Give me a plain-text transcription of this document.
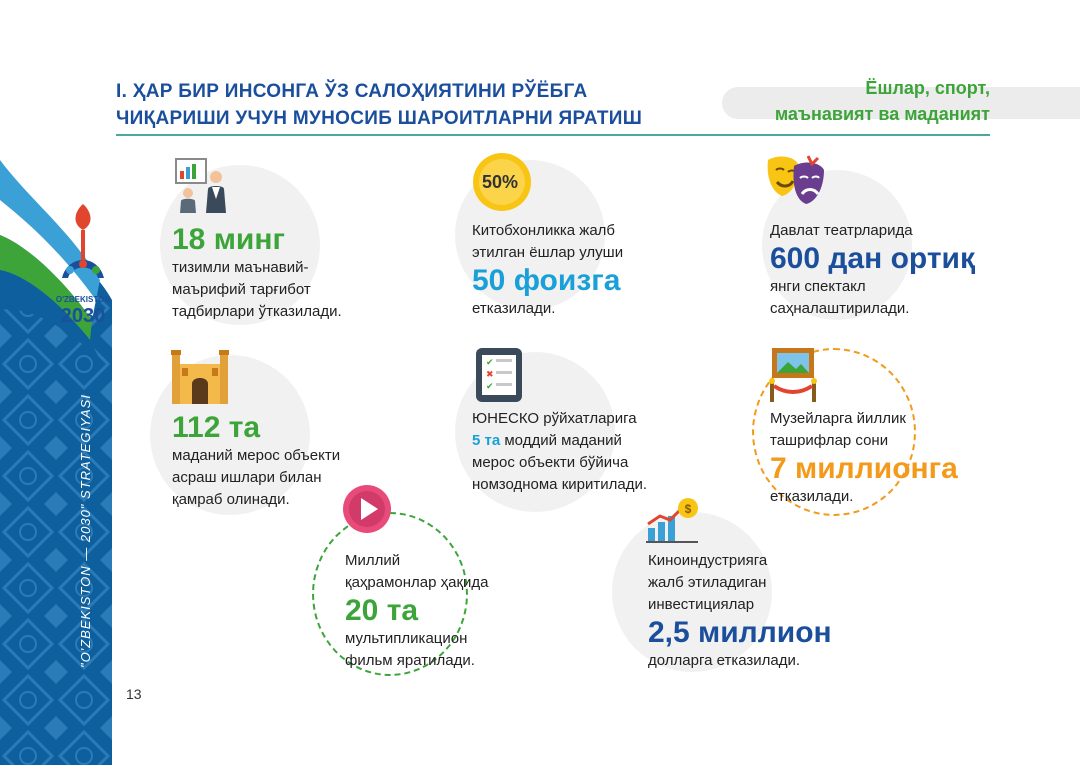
O'ZBEKISTON
2030
"O'ZBEKISTON — 2030" STRATEGIYASI
13
I. ҲАР БИР ИНСОНГА ЎЗ САЛОҲИЯТИНИ РЎЁБГА
ЧИҚАРИШИ УЧУН МУНОСИБ ШАРОИТЛАРНИ ЯРАТИШ
Ёшлар, спорт,
маънавият ва маданият
50%
✔
✖
✔
$
18 минг
тизимли маънавий-
маърифий тарғибот
тадбирлари ўтказилади.
Китобхонликка жалб
этилган ёшлар улуши
50 фоизга
етказилади.
Давлат театрларида
600 дан ортиқ
янги спектакл
саҳналаштирилади.
112 та
маданий мерос объекти
асраш ишлари билан
қамраб олинади.
ЮНЕСКО рўйхатларига
5 та моддий маданий
мерос объекти бўйича
номзоднома киритилади.
Музейларга йиллик
ташрифлар сони
7 миллионга
етказилади.
Миллий
қаҳрамонлар ҳақида
20 та
мультипликацион
фильм яратилади.
Киноиндустрияга
жалб этиладиган
инвестициялар
2,5 миллион
долларга етказилади.
